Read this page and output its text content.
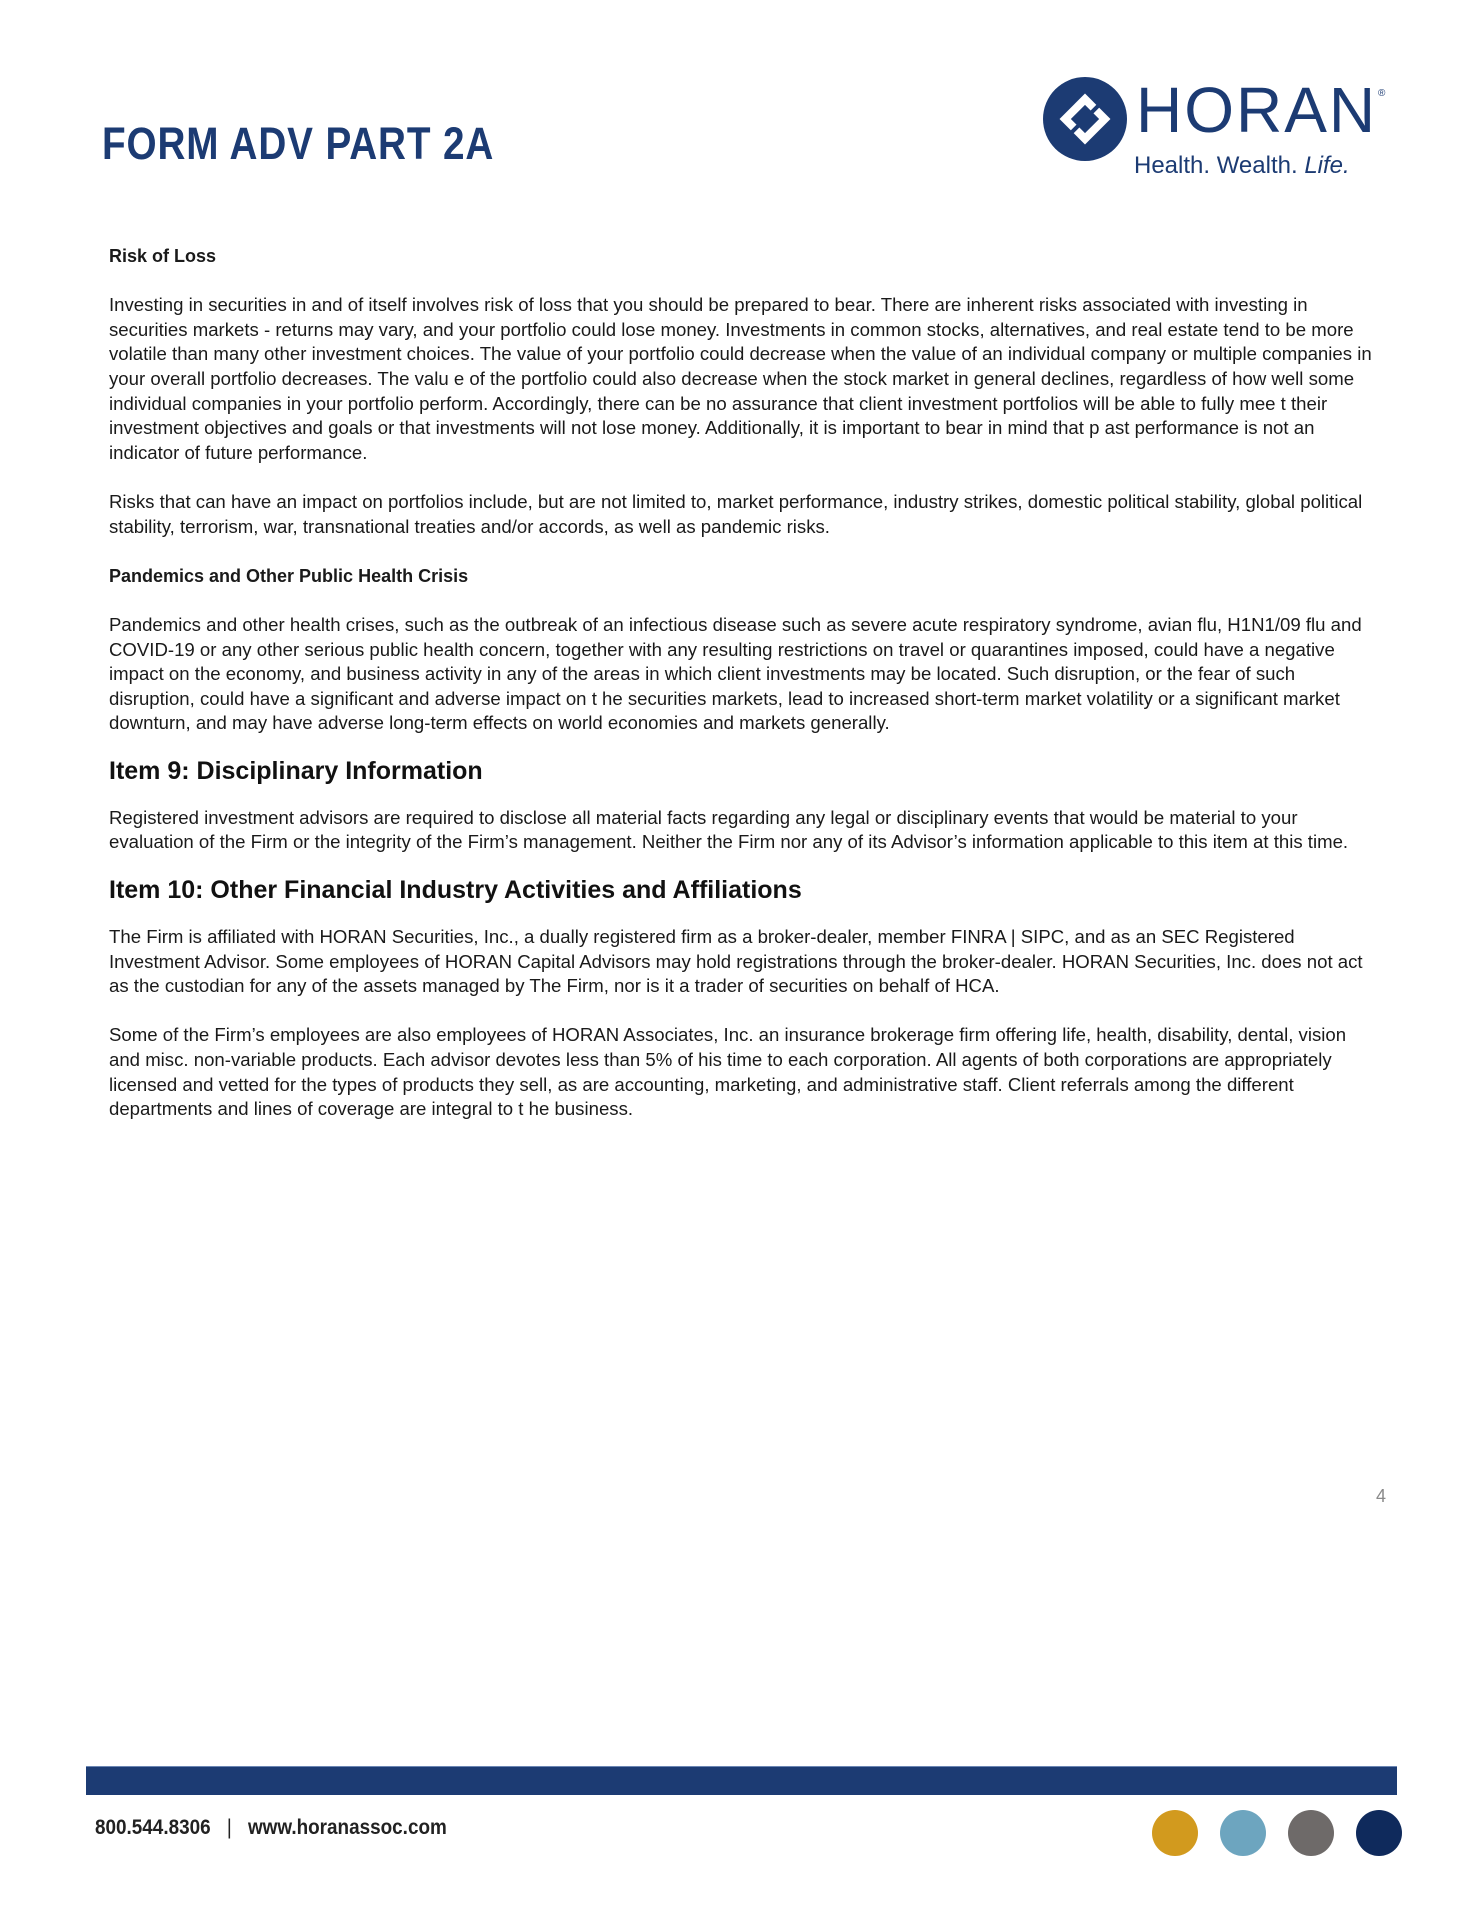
FORM ADV PART 2A	HORAN ®
Health. Wealth. Life.
Risk of Loss

Investing in securities in and of itself involves risk of loss that you should be prepared to bear. There are inherent risks associated with investing in securities markets - returns may vary, and your portfolio could lose money. Investments in common stocks, alternatives, and real estate tend to be more volatile than many other investment choices. The value of your portfolio could decrease when the value of an individual company or multiple companies in your overall portfolio decreases. The valu e of the portfolio could also decrease when the stock market in general declines, regardless of how well some individual companies in your portfolio perform. Accordingly, there can be no assurance that client investment portfolios will be able to fully mee t their investment objectives and goals or that investments will not lose money. Additionally, it is important to bear in mind that p ast performance is not an indicator of future performance.

Risks that can have an impact on portfolios include, but are not limited to, market performance, industry strikes, domestic political stability, global political stability, terrorism, war, transnational treaties and/or accords, as well as pandemic risks.

Pandemics and Other Public Health Crisis

Pandemics and other health crises, such as the outbreak of an infectious disease such as severe acute respiratory syndrome, avian flu, H1N1/09 flu and COVID-19 or any other serious public health concern, together with any resulting restrictions on travel or quarantines imposed, could have a negative impact on the economy, and business activity in any of the areas in which client investments may be located. Such disruption, or the fear of such disruption, could have a significant and adverse impact on t he securities markets, lead to increased short-term market volatility or a significant market downturn, and may have adverse long-term effects on world economies and markets generally.

Item 9: Disciplinary Information

Registered investment advisors are required to disclose all material facts regarding any legal or disciplinary events that would be material to your evaluation of the Firm or the integrity of the Firm’s management. Neither the Firm nor any of its Advisor’s information applicable to this item at this time.

Item 10: Other Financial Industry Activities and Affiliations

The Firm is affiliated with HORAN Securities, Inc., a dually registered firm as a broker-dealer, member FINRA | SIPC, and as an SEC Registered Investment Advisor. Some employees of HORAN Capital Advisors may hold registrations through the broker-dealer. HORAN Securities, Inc. does not act as the custodian for any of the assets managed by The Firm, nor is it a trader of securities on behalf of HCA.

Some of the Firm’s employees are also employees of HORAN Associates, Inc. an insurance brokerage firm offering life, health, disability, dental, vision and misc. non-variable products. Each advisor devotes less than 5% of his time to each corporation. All agents of both corporations are appropriately licensed and vetted for the types of products they sell, as are accounting, marketing, and administrative staff. Client referrals among the different departments and lines of coverage are integral to t he business.

4
800.544.8306 | www.horanassoc.com
